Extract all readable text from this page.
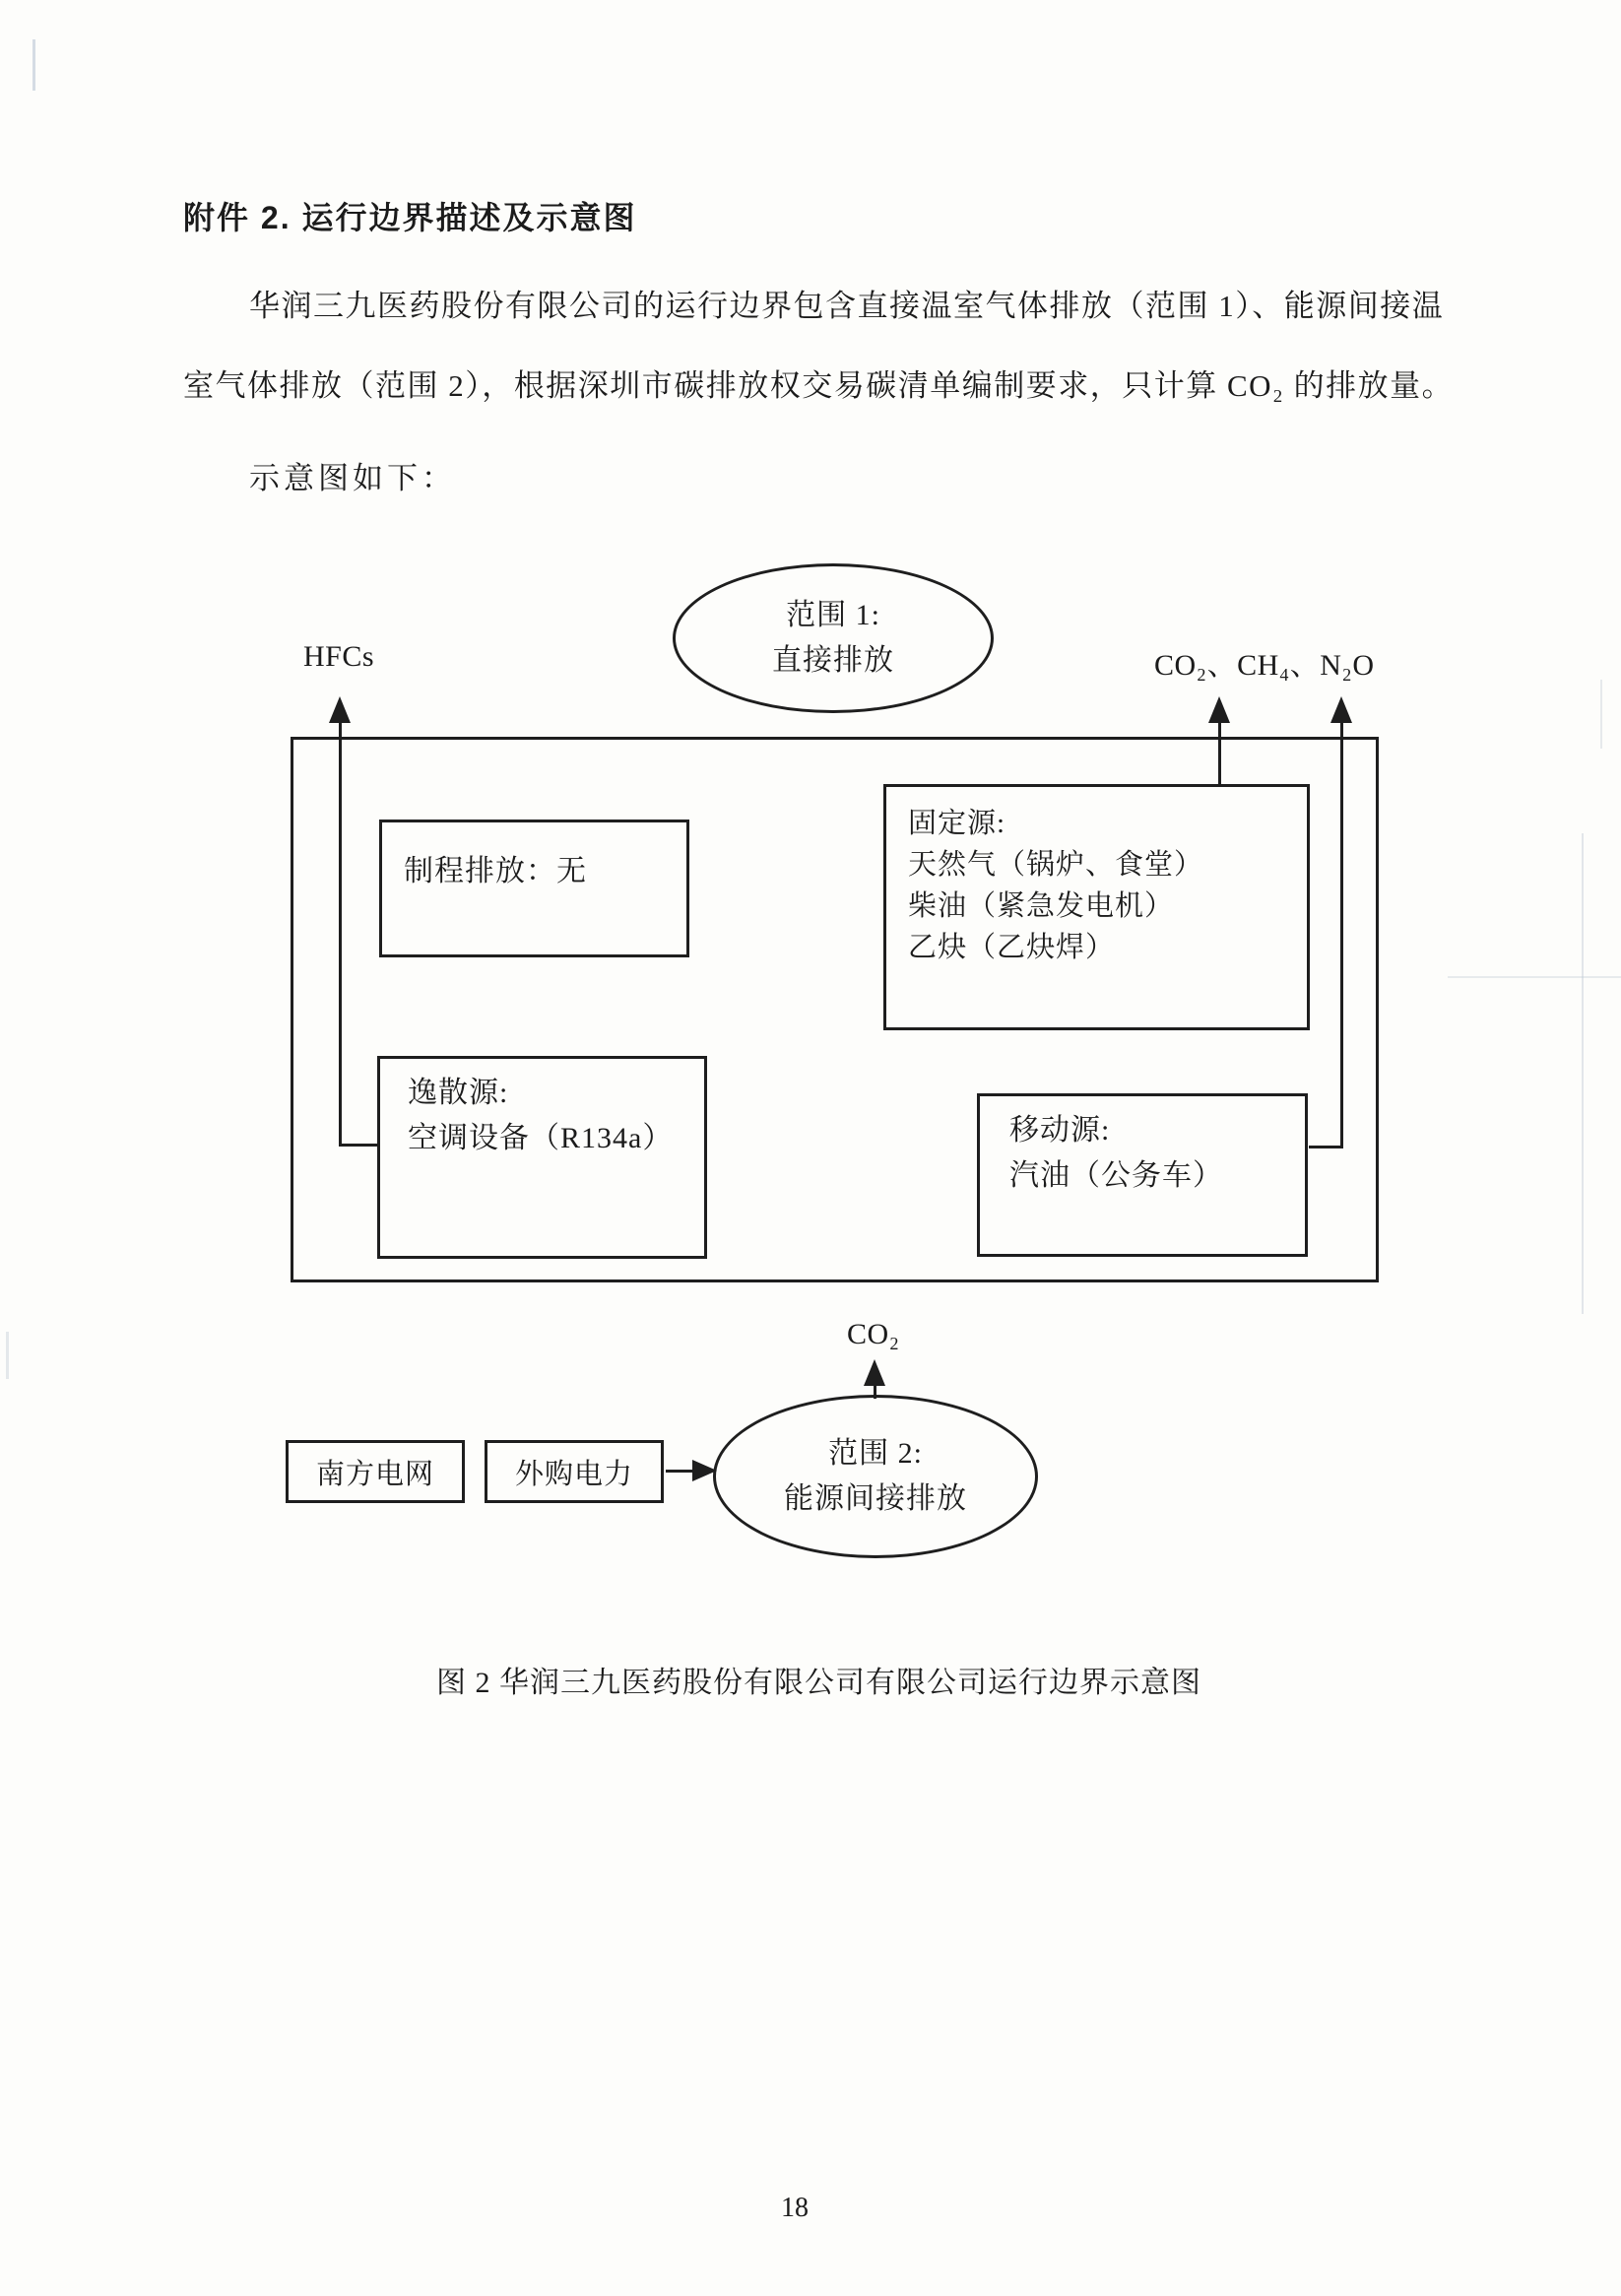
附件 2. 运行边界描述及示意图
华润三九医药股份有限公司的运行边界包含直接温室气体排放（范围 1）、能源间接温
室气体排放（范围 2），根据深圳市碳排放权交易碳清单编制要求，只计算 CO₂ 的排放量。
示意图如下：
范围 1:
直接排放
HFCs	CO₂、CH₄、N₂O
制程排放：无
固定源:
天然气（锅炉、食堂）
柴油（紧急发电机）
乙炔（乙炔焊）
逸散源:
空调设备（R134a）	移动源:
汽油（公务车）
CO₂
范围 2:
能源间接排放
南方电网	外购电力
图 2 华润三九医药股份有限公司有限公司运行边界示意图
18
